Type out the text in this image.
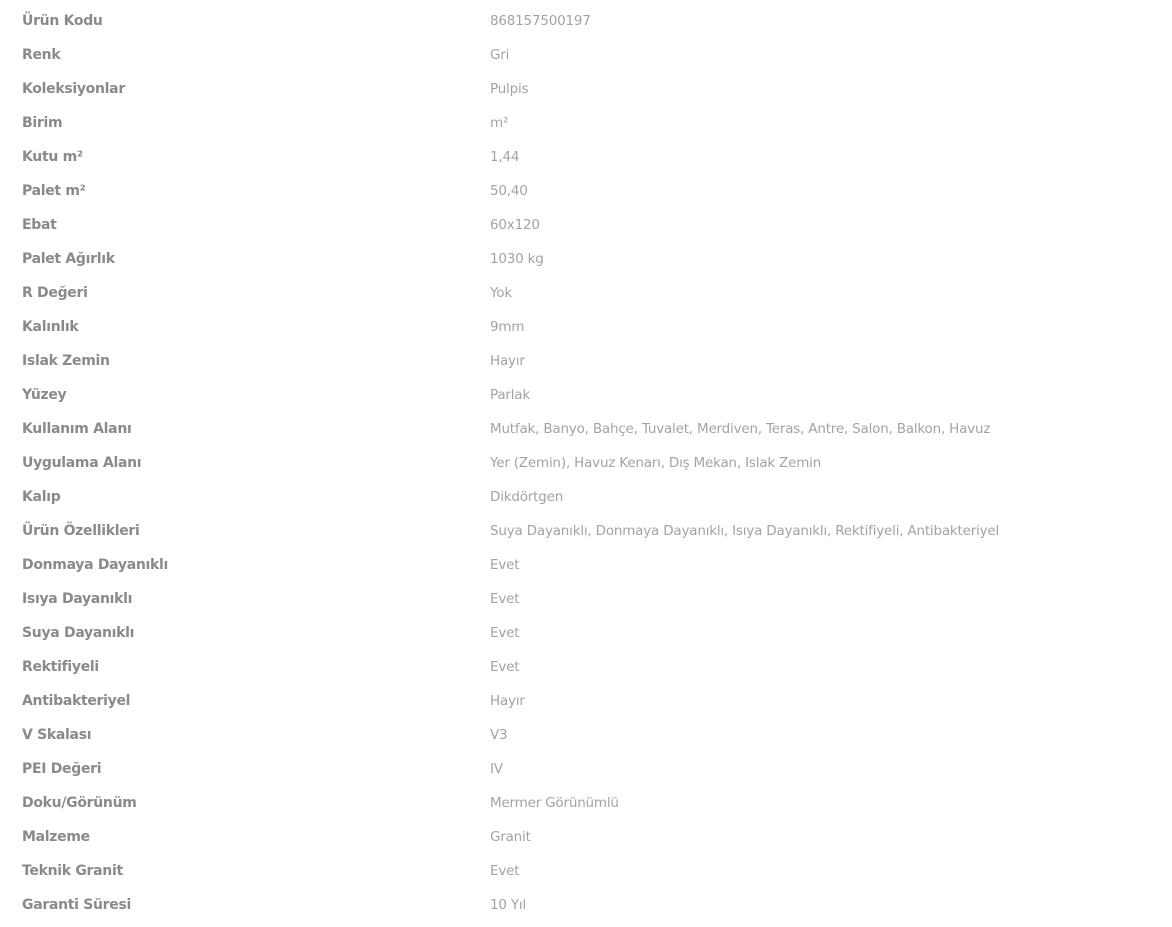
Ürün Kodu	868157500197
Renk	Gri
Koleksiyonlar	Pulpis
Birim	m²
Kutu m²	1,44
Palet m²	50,40
Ebat	60x120
Palet Ağırlık	1030 kg
R Değeri	Yok
Kalınlık	9mm
Islak Zemin	Hayır
Yüzey	Parlak
Kullanım Alanı	Mutfak, Banyo, Bahçe, Tuvalet, Merdiven, Teras, Antre, Salon, Balkon, Havuz
Uygulama Alanı	Yer (Zemin), Havuz Kenarı, Dış Mekan, Islak Zemin
Kalıp	Dikdörtgen
Ürün Özellikleri	Suya Dayanıklı, Donmaya Dayanıklı, Isıya Dayanıklı, Rektifiyeli, Antibakteriyel
Donmaya Dayanıklı	Evet
Isıya Dayanıklı	Evet
Suya Dayanıklı	Evet
Rektifiyeli	Evet
Antibakteriyel	Hayır
V Skalası	V3
PEI Değeri	IV
Doku/Görünüm	Mermer Görünümlü
Malzeme	Granit
Teknik Granit	Evet
Garanti Süresi	10 Yıl
